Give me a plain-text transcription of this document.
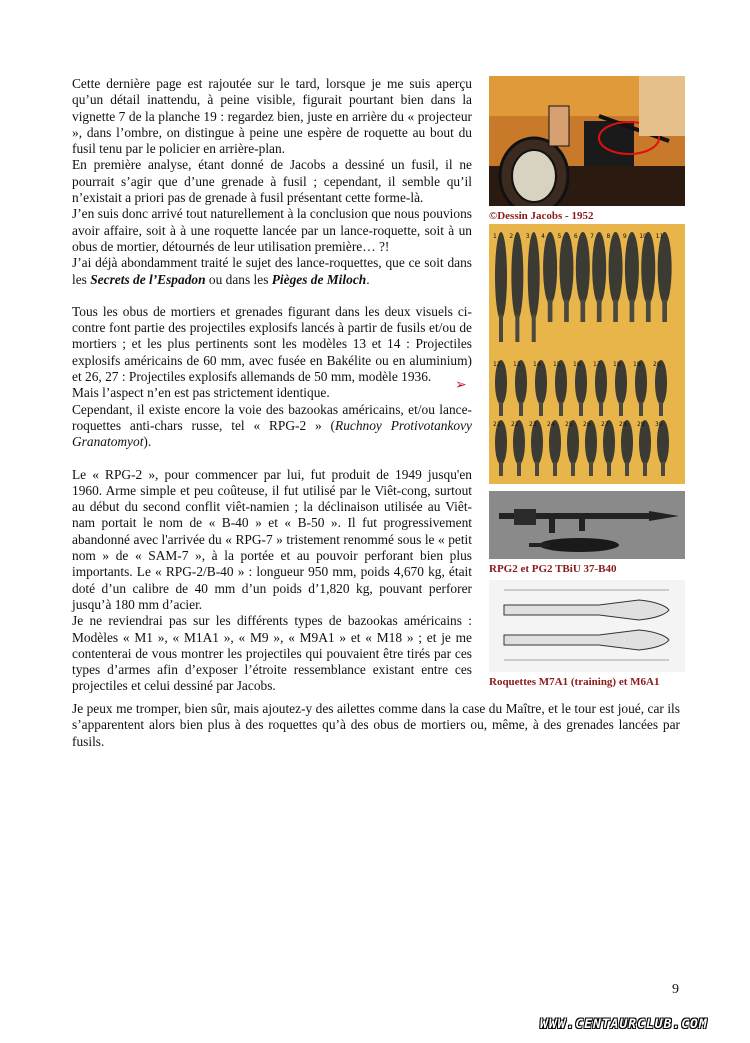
Cette dernière page est rajoutée sur le tard, lorsque je me suis aperçu qu’un détail inattendu, à peine visible, figurait pourtant bien dans la vignette 7 de la planche 19 : regardez bien, juste en arrière du « projecteur », dans l’ombre, on distingue à peine une espère de roquette au bout du fusil tenu par le policier en arrière-plan.

En première analyse, étant donné de Jacobs a dessiné un fusil, il ne pourrait s’agir que d’une grenade à fusil ; cependant, il semble qu’il n’existait a priori pas de grenade à fusil présentant cette forme-là.

J’en suis donc arrivé tout naturellement à la conclusion que nous pouvions avoir affaire, soit à à une roquette lancée par un lance-roquette, soit à un obus de mortier, détournés de leur utilisation première… ?!

J’ai déjà abondamment traité le sujet des lance-roquettes, que ce soit dans les Secrets de l’Espadon ou dans les Pièges de Miloch.

Tous les obus de mortiers et grenades figurant dans les deux visuels ci-contre font partie des projectiles explosifs lancés à partir de fusils et/ou de mortiers ; et les plus pertinents sont les modèles 13 et 14 : Projectiles explosifs américains de 60 mm, avec fusée en Bakélite ou en aluminium) et 26, 27 : Projectiles explosifs allemands de 50 mm, modèle 1936.

Mais l’aspect n’en est pas strictement identique.

Cependant, il existe encore la voie des bazookas américains, et/ou lance-roquettes anti-chars russe, tel « RPG-2 » (Ruchnoy Protivotankovy Granatomyot).

Le « RPG-2 », pour commencer par lui, fut produit de 1949 jusqu'en 1960. Arme simple et peu coûteuse, il fut utilisé par le Viêt-cong, surtout au début du second conflit viêt-namien ; la déclinaison utilisée au Viêt-nam portait le nom de « B-40 » et « B-50 ». Il fut progressivement abandonné avec l'arrivée du « RPG-7 » tristement renommé sous le « petit nom » de « SAM-7 », à la portée et au pouvoir perforant bien plus importants. Le « RPG-2/B-40 » : longueur 950 mm, poids 4,670 kg, était doté d’un calibre de 40 mm d’un poids d’1,820 kg, pouvant perforer jusqu’à 180 mm d’acier.

Je ne reviendrai pas sur les différents types de bazookas américains : Modèles « M1 », « M1A1 », « M9 », « M9A1 » et « M18 » ; et je me contenterai de vous montrer les projectiles qui pouvaient être tirés par ces types d’armes afin d’exposer l’étroite ressemblance existant entre ces projectiles et celui dessiné par Jacobs.

➢

Je peux me tromper, bien sûr, mais ajoutez-y des ailettes comme dans la case du Maître, et le tour est joué, car ils s’apparentent alors bien plus à des roquettes qu’à des obus de mortiers ou, même, à des grenades lancées par fusils.

©Dessin Jacobs - 1952
1 2 3 4 5 6 7 8 9 10 11
12 13 14 15 16 17 18 19 20
21 22 23 24 25 26 27 28 29 30
RPG2 et PG2 TBiU 37-B40
Roquettes M7A1 (training) et M6A1
9
WWW.CENTAURCLUB.COM
